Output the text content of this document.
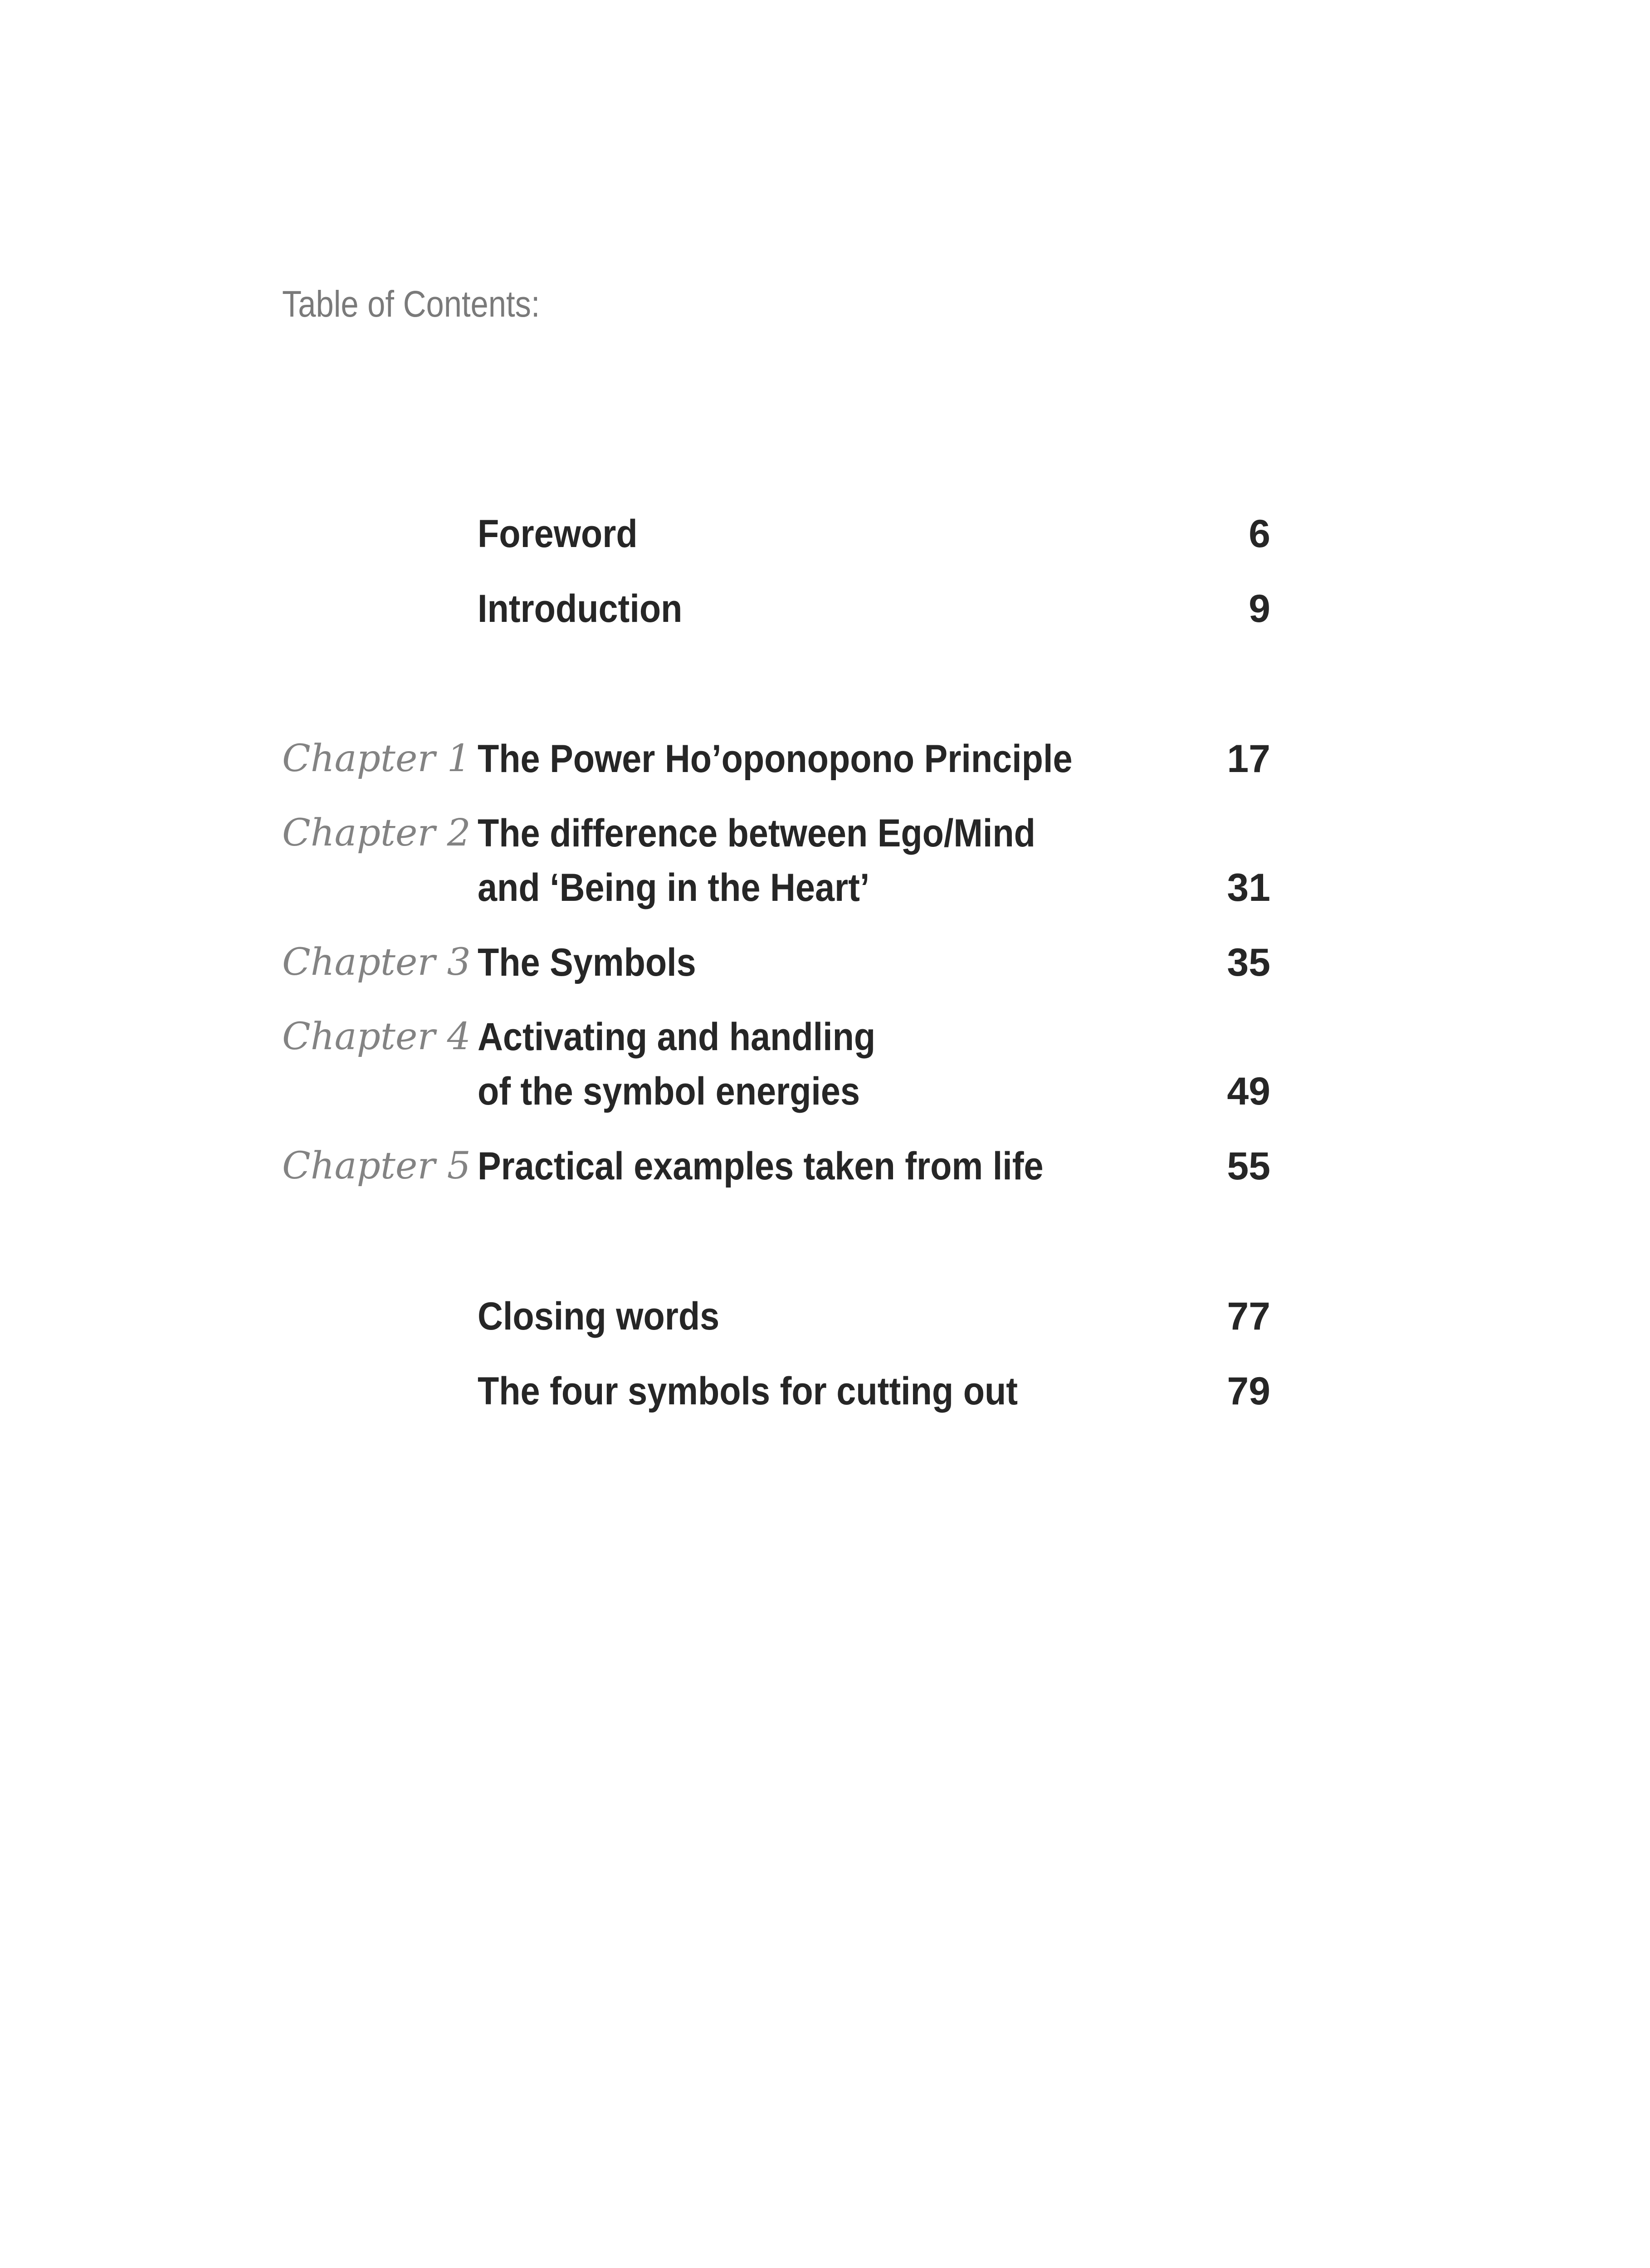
Table of Contents:
Foreword	6
Introduction	9
Chapter 1 The Power Ho’oponopono Principle	17
Chapter 2 The difference between Ego/Mind
and ‘Being in the Heart’	31
Chapter 3 The Symbols	35
Chapter 4 Activating and handling
of the symbol energies	49
Chapter 5 Practical examples taken from life	55
Closing words	77
The four symbols for cutting out	79
